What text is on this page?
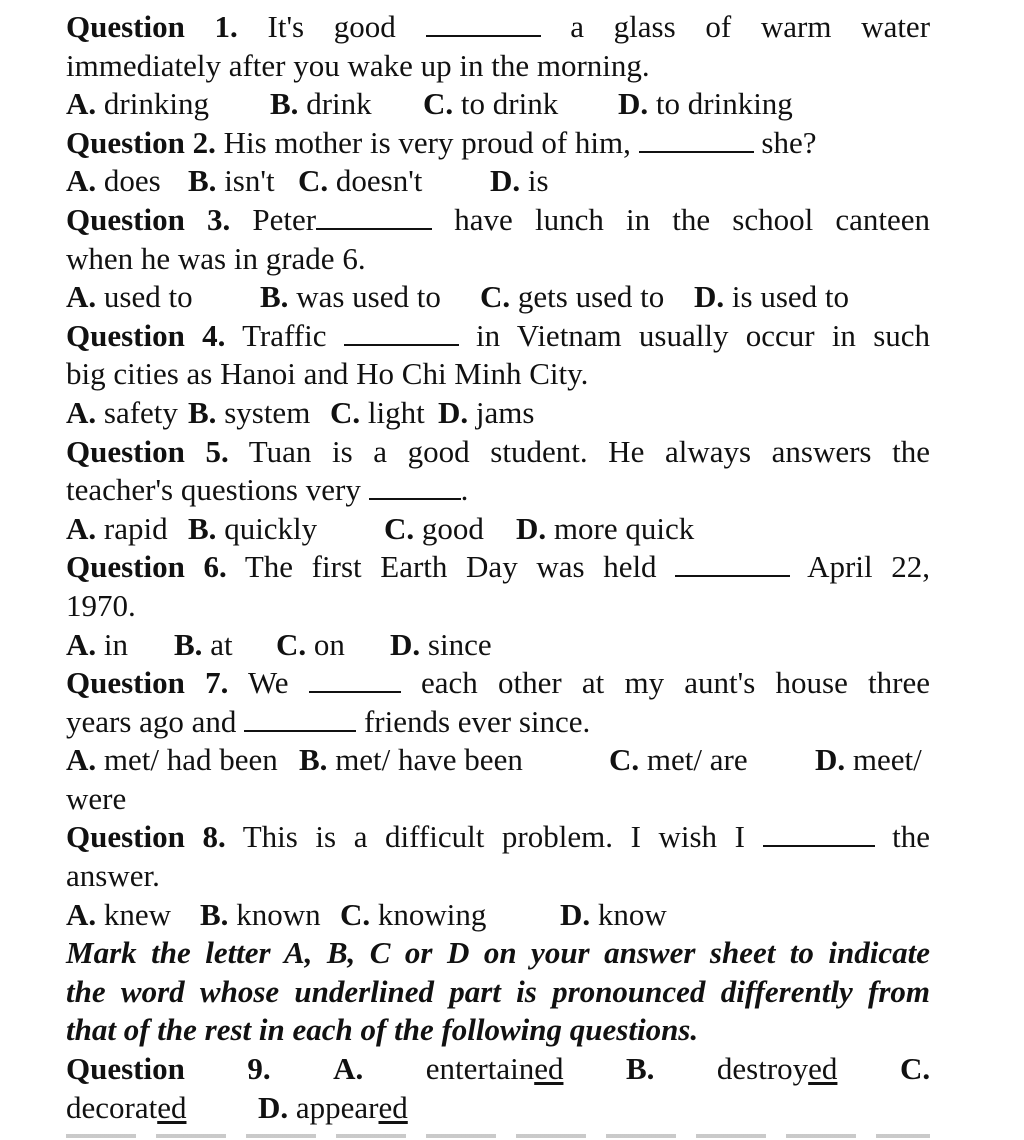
Question 1. It's good	a glass of warm water
immediately after you wake up in the morning.
A. drinking B. drink C. to drink D. to drinking
Question 2. His mother is very proud of him,	she?
A. does B. isn't C. doesn't D. is
Question 3. Peter	have lunch in the school canteen
when he was in grade 6.
A. used to B. was used to C. gets used to D. is used to
Question 4. Traffic	in Vietnam usually occur in such
big cities as Hanoi and Ho Chi Minh City.
A. safety B. system C. light D. jams
Question 5. Tuan is a good student. He always answers the
teacher's questions very	.
A. rapid B. quickly C. good D. more quick
Question 6. The first Earth Day was held	April 22,
1970.
A. in B. at C. on D. since
Question 7. We	each other at my aunt's house three
years ago and	friends ever since.
A. met/ had been B. met/ have been	C. met/ are D. meet/
were
Question 8. This is a difficult problem. I wish I	the
answer.
A. knew B. known C. knowing D. know
Mark the letter A, B, C or D on your answer sheet to indicate
the word whose underlined part is pronounced differently from
that of the rest in each of the following questions.
Question 9. A. entertained B. destroyed C.
decorated D. appeared
